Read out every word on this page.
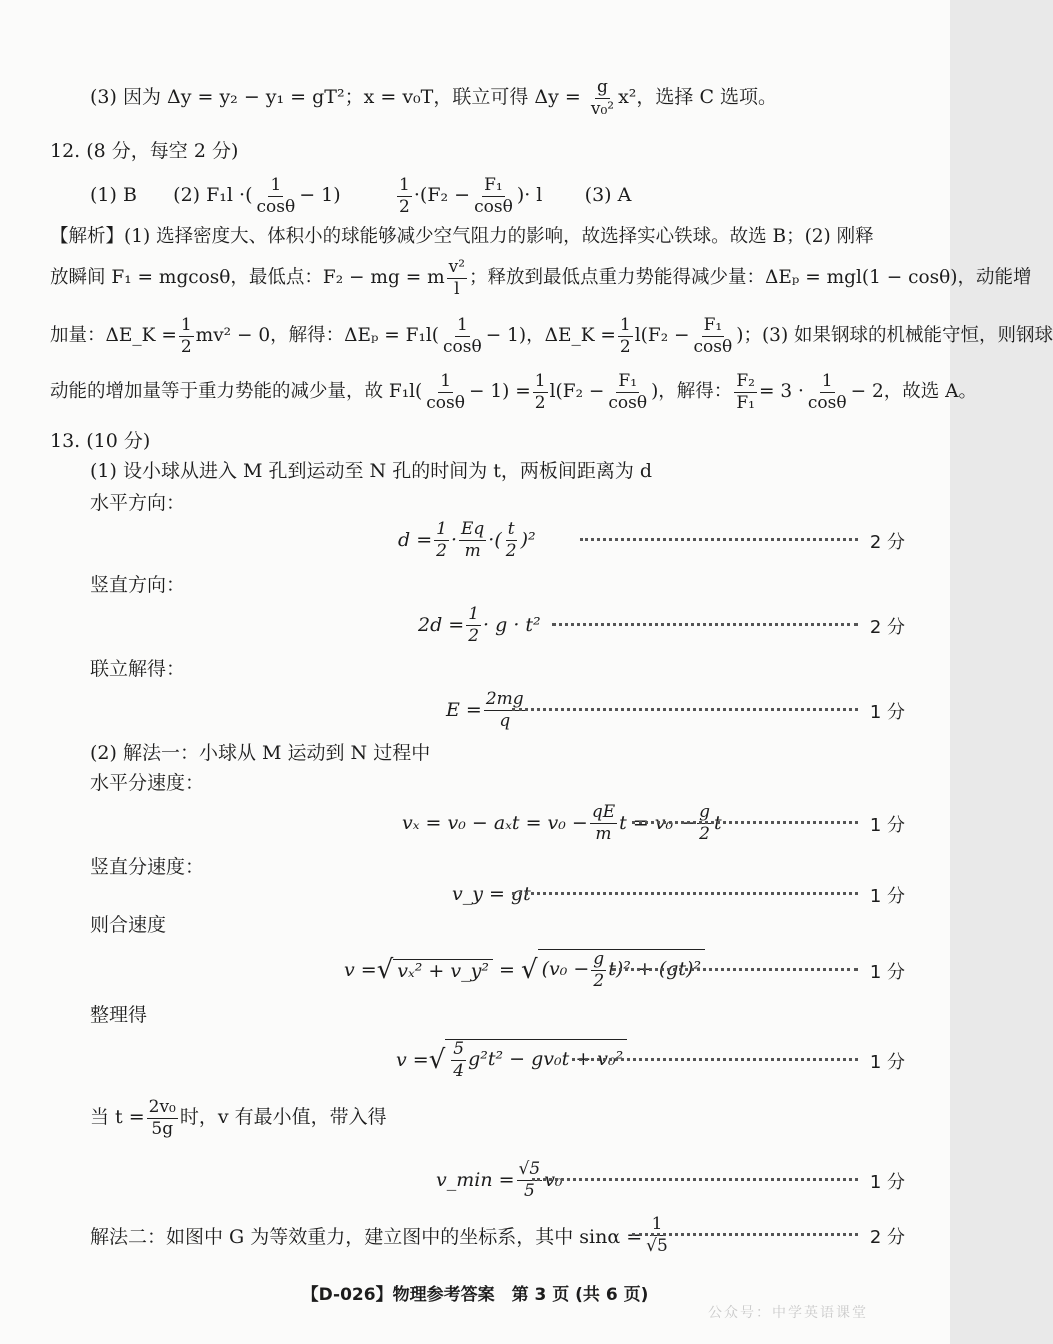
(3) 因为 Δy = y₂ − y₁ = gT²；x = v₀T，联立可得 $\Delta y = \frac{g}{\text{v₀²}} x^2$，选择 C 选项。
12. (8 分，每空 2 分)
(1) B (2) F₁l ·( $\frac{1}{\cos\theta} - 1$)	$\frac{1}{2} \cdot(F_2 - \frac{\text{F₁}}{\cos\theta}$ )· l (3) A
【解析】(1) 选择密度大、体积小的球能够减少空气阻力的影响，故选择实心铁球。故选 B；(2) 刚释
放瞬间 F₁ = mgcosθ，最低点：F₂ − mg = m $\frac{\text{v²}}{l}$ ；释放到最低点重力势能得减少量：ΔEₚ = mgl(1 − cosθ)，动能增
加量：ΔE_K = $\frac{1}{2} mv^2 - 0$，解得：$\Delta E_p = F_1l( \frac{1}{\cos\theta} - 1)$，ΔE_K = $\frac{1}{2} l(F_2 - \frac{\text{F₁}}{\cos\theta}$ )；(3) 如果钢球的机械能守恒，则钢球
动能的增加量等于重力势能的减少量，故 $F_1l( \frac{1}{\cos\theta} - 1) = \frac{1}{2} l(F_2 - \frac{\text{F₁}}{\cos\theta}$ )，解得： $\frac{\text{F₂}}{\text{F₁}} = 3 \cdot \frac{1}{\cos\theta} - 2$，故选 A。
13. (10 分)
(1) 设小球从进入 M 孔到运动至 N 孔的时间为 t，两板间距离为 d
水平方向：
$d = \frac{1}{2} \cdot \frac{Eq}{m}$ ·( $\frac{t}{2} )^2$	2 分
竖直方向：
$2d = \frac{1}{2} \cdot g \cdot t^2$	2 分
联立解得：
$E = \frac{2mg}{q}$	1 分
(2) 解法一：小球从 M 运动到 N 过程中
水平分速度：
$v_x = v_0 - a_xt = v_0 - \frac{qE}{m}$ $t = v_0 - \frac{g}{2}$ t	1 分
竖直分速度：
v_y = gt	1 分
则合速度
v = √ vₓ² + v_y²
=
√ $(v_0 - \frac{g}{2} t)^2 + (gt)^2$	1 分
整理得
v = √ $\frac{5}{4} g^2t^2 - gv_0t + v_0^2$	1 分
当 $t = \frac{\text{2v₀}}{5g}$ 时，v 有最小值，带入得
v_min = $\frac{√5}{5} v_0$	1 分
解法二：如图中 G 为等效重力，建立图中的坐标系，其中 $\sin\alpha = \frac{1}{√5}$	2 分
【D-026】物理参考答案　第 3 页 (共 6 页)
公众号：中学英语课堂
